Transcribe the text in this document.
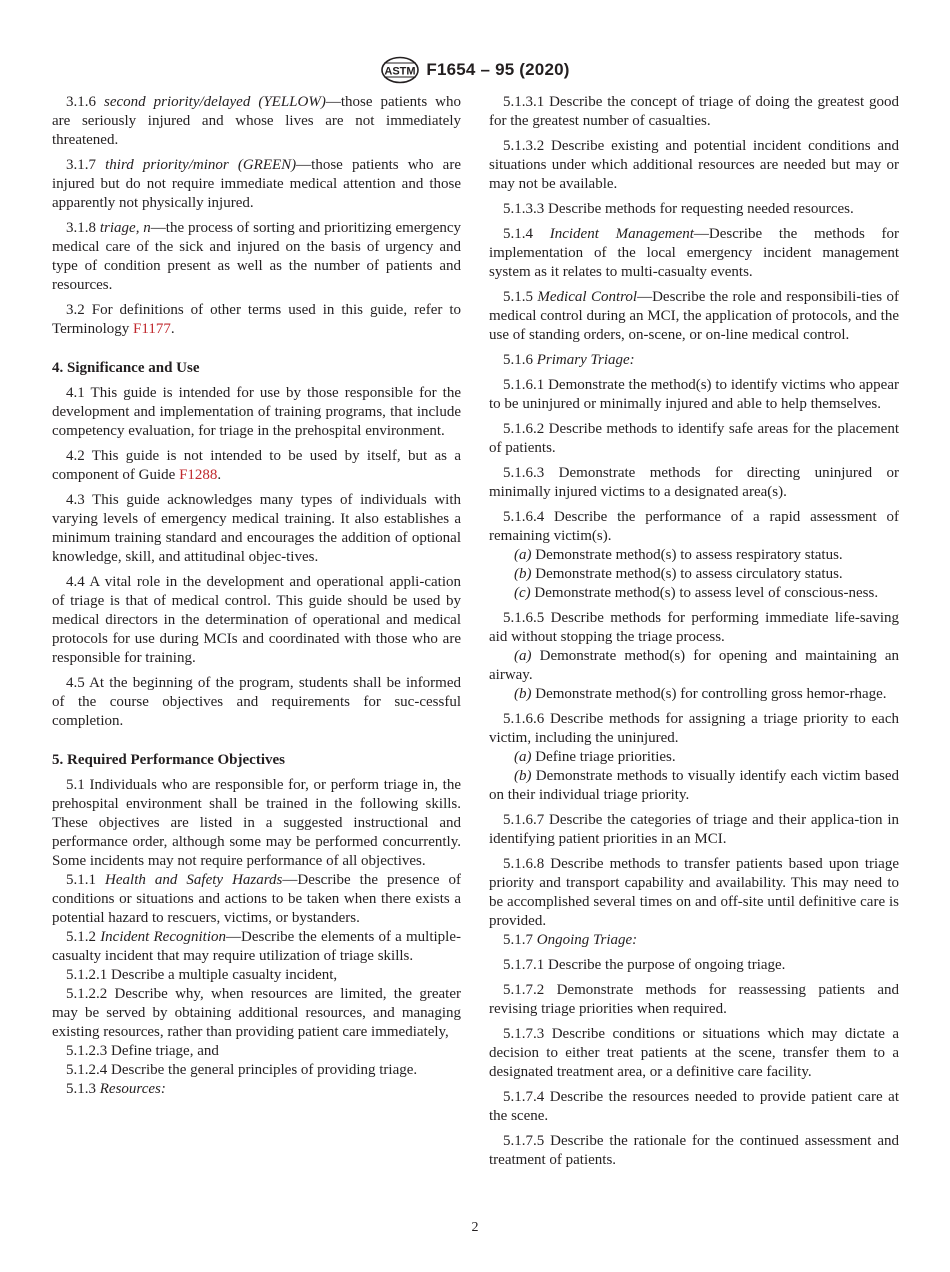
ASTM F1654 – 95 (2020)

3.1.6 second priority/delayed (YELLOW)—those patients who are seriously injured and whose lives are not immediately threatened.

3.1.7 third priority/minor (GREEN)—those patients who are injured but do not require immediate medical attention and those apparently not physically injured.

3.1.8 triage, n—the process of sorting and prioritizing emergency medical care of the sick and injured on the basis of urgency and type of condition present as well as the number of patients and resources.

3.2 For definitions of other terms used in this guide, refer to Terminology F1177.

4. Significance and Use

4.1 This guide is intended for use by those responsible for the development and implementation of training programs, that include competency evaluation, for triage in the prehospital environment.

4.2 This guide is not intended to be used by itself, but as a component of Guide F1288.

4.3 This guide acknowledges many types of individuals with varying levels of emergency medical training. It also establishes a minimum training standard and encourages the addition of optional knowledge, skill, and attitudinal objec-tives.

4.4 A vital role in the development and operational appli-cation of triage is that of medical control. This guide should be used by medical directors in the determination of operational and medical protocols for use during MCIs and coordinated with those who are responsible for training.

4.5 At the beginning of the program, students shall be informed of the course objectives and requirements for suc-cessful completion.

5. Required Performance Objectives

5.1 Individuals who are responsible for, or perform triage in, the prehospital environment shall be trained in the following skills. These objectives are listed in a suggested instructional and performance order, although some may be performed concurrently. Some incidents may not require performance of all objectives.

5.1.1 Health and Safety Hazards—Describe the presence of conditions or situations and actions to be taken when there exists a potential hazard to rescuers, victims, or bystanders.

5.1.2 Incident Recognition—Describe the elements of a multiple-casualty incident that may require utilization of triage skills.

5.1.2.1 Describe a multiple casualty incident,

5.1.2.2 Describe why, when resources are limited, the greater may be served by obtaining additional resources, and managing existing resources, rather than providing patient care immediately,

5.1.2.3 Define triage, and

5.1.2.4 Describe the general principles of providing triage.

5.1.3 Resources:

5.1.3.1 Describe the concept of triage of doing the greatest good for the greatest number of casualties.

5.1.3.2 Describe existing and potential incident conditions and situations under which additional resources are needed but may or may not be available.

5.1.3.3 Describe methods for requesting needed resources.

5.1.4 Incident Management—Describe the methods for implementation of the local emergency incident management system as it relates to multi-casualty events.

5.1.5 Medical Control—Describe the role and responsibili-ties of medical control during an MCI, the application of protocols, and the use of standing orders, on-scene, or on-line medical control.

5.1.6 Primary Triage:

5.1.6.1 Demonstrate the method(s) to identify victims who appear to be uninjured or minimally injured and able to help themselves.

5.1.6.2 Describe methods to identify safe areas for the placement of patients.

5.1.6.3 Demonstrate methods for directing uninjured or minimally injured victims to a designated area(s).

5.1.6.4 Describe the performance of a rapid assessment of remaining victim(s).

(a) Demonstrate method(s) to assess respiratory status.

(b) Demonstrate method(s) to assess circulatory status.

(c) Demonstrate method(s) to assess level of conscious-ness.

5.1.6.5 Describe methods for performing immediate life-saving aid without stopping the triage process.

(a) Demonstrate method(s) for opening and maintaining an airway.

(b) Demonstrate method(s) for controlling gross hemor-rhage.

5.1.6.6 Describe methods for assigning a triage priority to each victim, including the uninjured.

(a) Define triage priorities.

(b) Demonstrate methods to visually identify each victim based on their individual triage priority.

5.1.6.7 Describe the categories of triage and their applica-tion in identifying patient priorities in an MCI.

5.1.6.8 Describe methods to transfer patients based upon triage priority and transport capability and availability. This may need to be accomplished several times on and off-site until definitive care is provided.

5.1.7 Ongoing Triage:

5.1.7.1 Describe the purpose of ongoing triage.

5.1.7.2 Demonstrate methods for reassessing patients and revising triage priorities when required.

5.1.7.3 Describe conditions or situations which may dictate a decision to either treat patients at the scene, transfer them to a designated treatment area, or a definitive care facility.

5.1.7.4 Describe the resources needed to provide patient care at the scene.

5.1.7.5 Describe the rationale for the continued assessment and treatment of patients.

2
